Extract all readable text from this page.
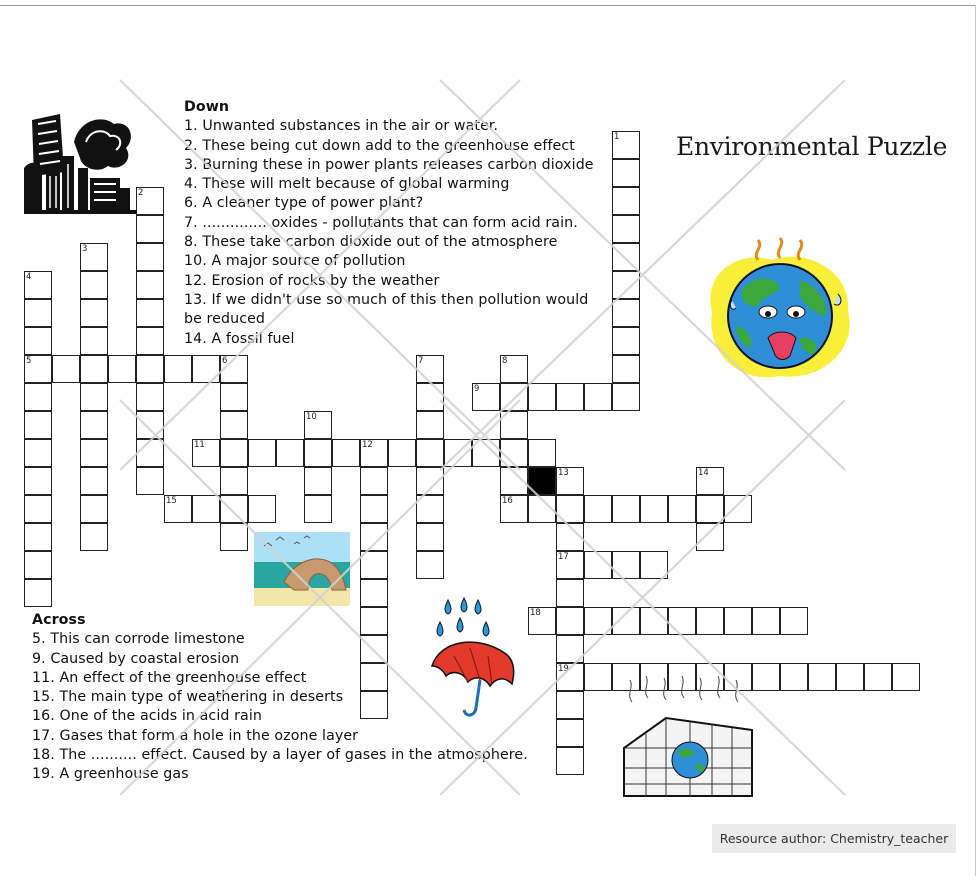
Environmental Puzzle
Down
1. Unwanted substances in the air or water.
2. These being cut down add to the greenhouse effect
3. Burning these in power plants releases carbon dioxide
4. These will melt because of global warming
6. A cleaner type of power plant?
7. .............. oxides - pollutants that can form acid rain.
8. These take carbon dioxide out of the atmosphere
10. A major source of pollution
12. Erosion of rocks by the weather
13. If we didn't use so much of this then pollution would
be reduced
14. A fossil fuel
Across
5. This can corrode limestone
9. Caused by coastal erosion
11. An effect of the greenhouse effect
15. The main type of weathering in deserts
16. One of the acids in acid rain
17. Gases that form a hole in the ozone layer
18. The .......... effect. Caused by a layer of gases in the atmosphere.
19. A greenhouse gas
1
2
3
4
5	6	7	8
9
10
11	12
13	14
15	16
17
18
19
Resource author: Chemistry_teacher
